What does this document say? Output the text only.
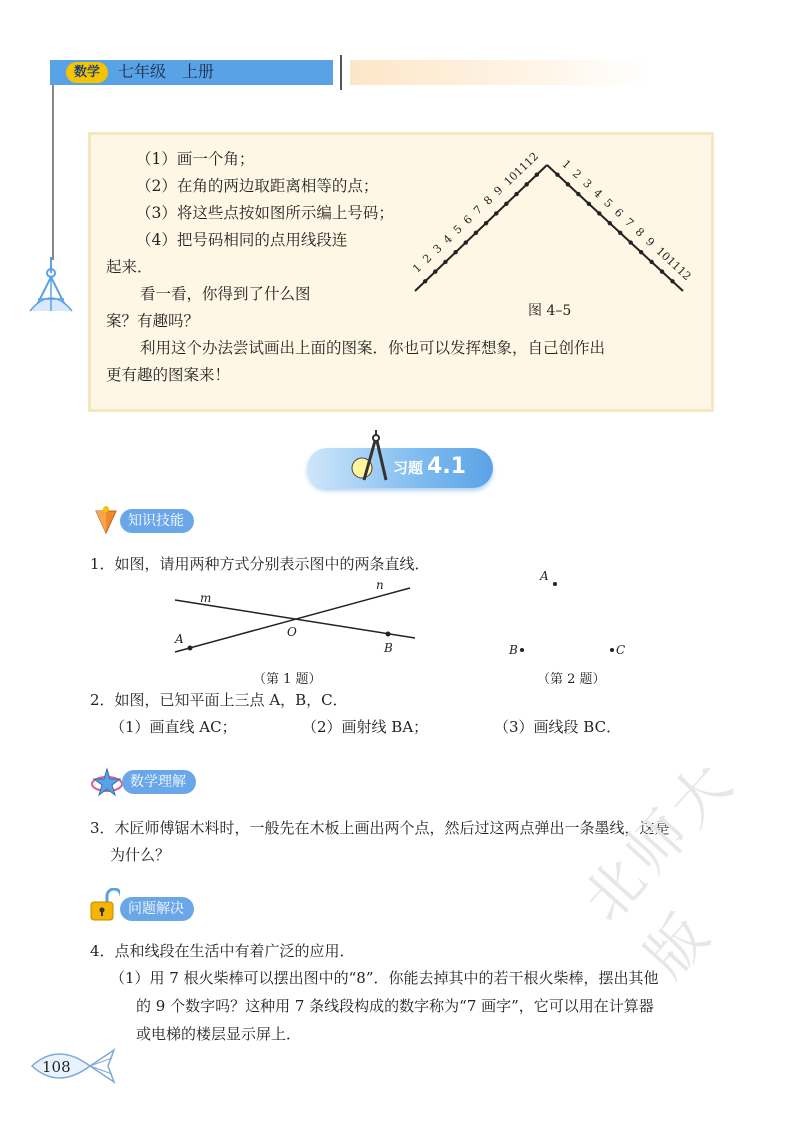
数学	七年级　上册
（1）画一个角；
（2）在角的两边取距离相等的点；
（3）将这些点按如图所示编上号码；
（4）把号码相同的点用线段连
起来．
看一看，你得到了什么图
案？有趣吗？
利用这个办法尝试画出上面的图案．你也可以发挥想象，自己创作出
更有趣的图案来！
1
1
2
2
3
3
4
4
5
5
6	6
7
7
8
8
9
9
10
10
11
11
12
12
图 4–5
习题 4.1
知识技能
1．如图，请用两种方式分别表示图中的两条直线．
m
n
A	O
B
（第 1 题）
A
B	C
（第 2 题）
2．如图，已知平面上三点 A，B，C．
（1）画直线 AC；	（2）画射线 BA；	（3）画线段 BC．
数学理解
3．木匠师傅锯木料时，一般先在木板上画出两个点，然后过这两点弹出一条墨线，这是
为什么？
问题解决
4．点和线段在生活中有着广泛的应用．
（1）用 7 根火柴棒可以摆出图中的“8”．你能去掉其中的若干根火柴棒，摆出其他
的 9 个数字吗？这种用 7 条线段构成的数字称为“7 画字”，它可以用在计算器
或电梯的楼层显示屏上．
北师大版
108
